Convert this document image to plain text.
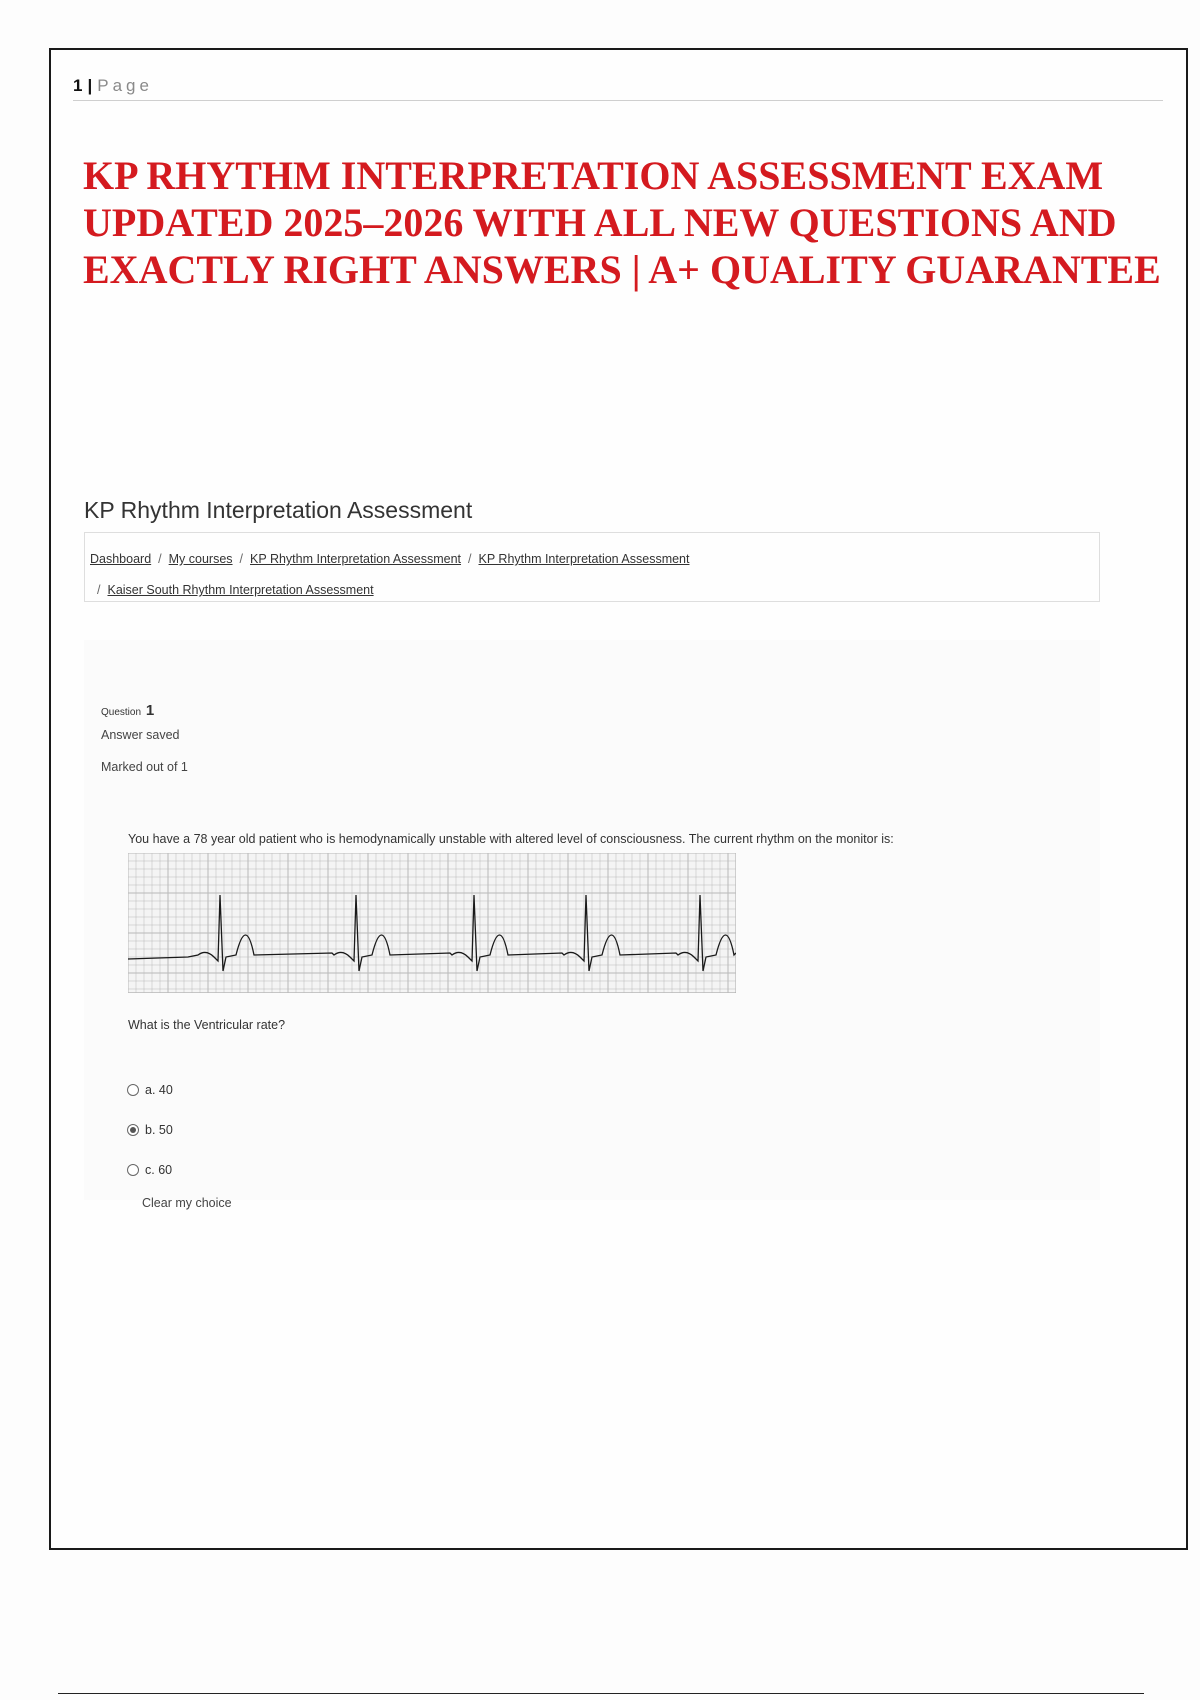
1 | Page
KP RHYTHM INTERPRETATION ASSESSMENT EXAM UPDATED 2025–2026 WITH ALL NEW QUESTIONS AND EXACTLY RIGHT ANSWERS | A+ QUALITY GUARANTEE
KP Rhythm Interpretation Assessment
Dashboard / My courses / KP Rhythm Interpretation Assessment / KP Rhythm Interpretation Assessment
/ Kaiser South Rhythm Interpretation Assessment
Question 1
Answer saved
Marked out of 1
You have a 78 year old patient who is hemodynamically unstable with altered level of consciousness. The current rhythm on the monitor is:
What is the Ventricular rate?
a. 40
b. 50
c. 60
Clear my choice
